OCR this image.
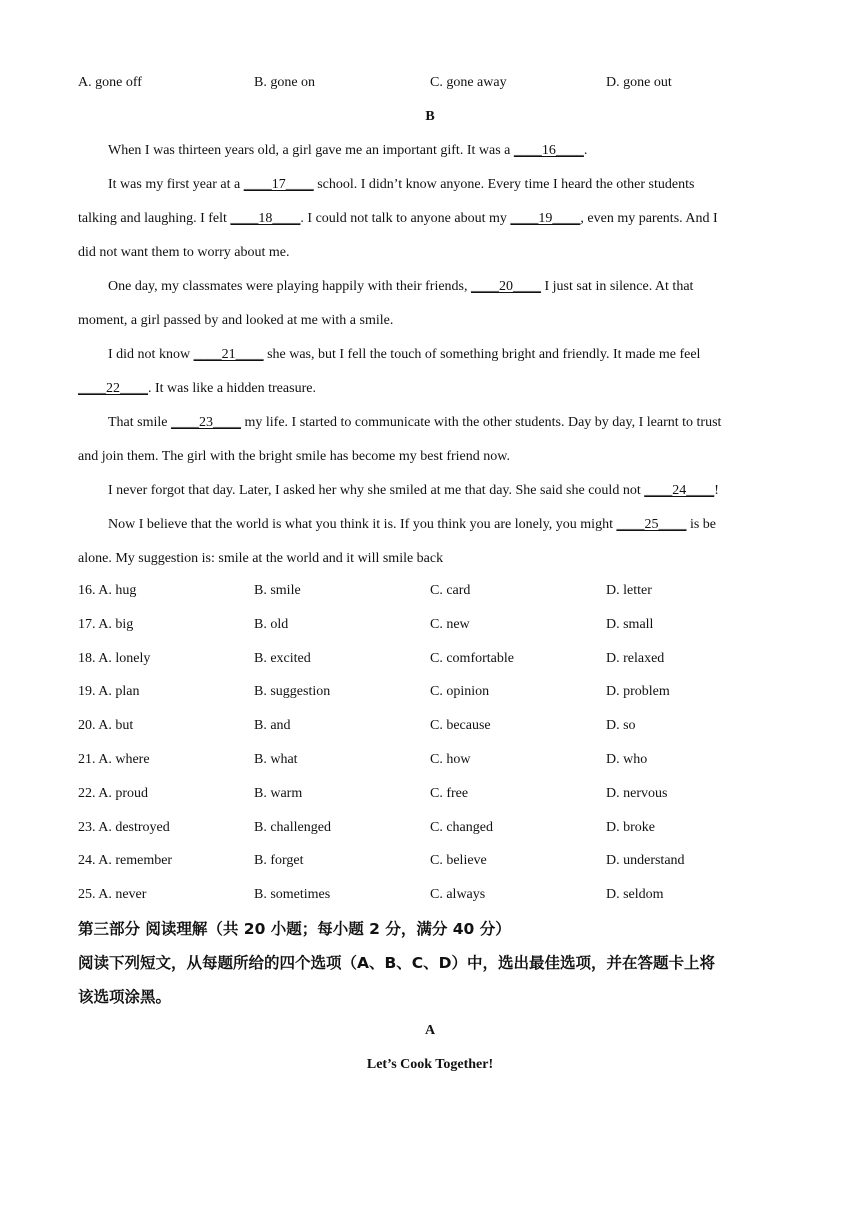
A. gone off	B. gone on	C. gone away	D. gone out
B
When I was thirteen years old, a girl gave me an important gift. It was a ____16____.
It was my first year at a ____17____ school. I didn’t know anyone. Every time I heard the other students
talking and laughing. I felt ____18____. I could not talk to anyone about my ____19____, even my parents. And I
did not want them to worry about me.
One day, my classmates were playing happily with their friends, ____20____ I just sat in silence. At that
moment, a girl passed by and looked at me with a smile.
I did not know ____21____ she was, but I fell the touch of something bright and friendly. It made me feel
____22____. It was like a hidden treasure.
That smile ____23____ my life. I started to communicate with the other students. Day by day, I learnt to trust
and join them. The girl with the bright smile has become my best friend now.
I never forgot that day. Later, I asked her why she smiled at me that day. She said she could not ____24____!
Now I believe that the world is what you think it is. If you think you are lonely, you might ____25____ is be
alone. My suggestion is: smile at the world and it will smile back
16. A. hug	B. smile	C. card	D. letter
17. A. big	B. old	C. new	D. small
18. A. lonely	B. excited	C. comfortable	D. relaxed
19. A. plan	B. suggestion	C. opinion	D. problem
20. A. but	B. and	C. because	D. so
21. A. where	B. what	C. how	D. who
22. A. proud	B. warm	C. free	D. nervous
23. A. destroyed	B. challenged	C. changed	D. broke
24. A. remember	B. forget	C. believe	D. understand
25. A. never	B. sometimes	C. always	D. seldom
第三部分 阅读理解（共 20 小题；每小题 2 分，满分 40 分）
阅读下列短文，从每题所给的四个选项（A、B、C、D）中，选出最佳选项，并在答题卡上将
该选项涂黑。
A
Let’s Cook Together!
